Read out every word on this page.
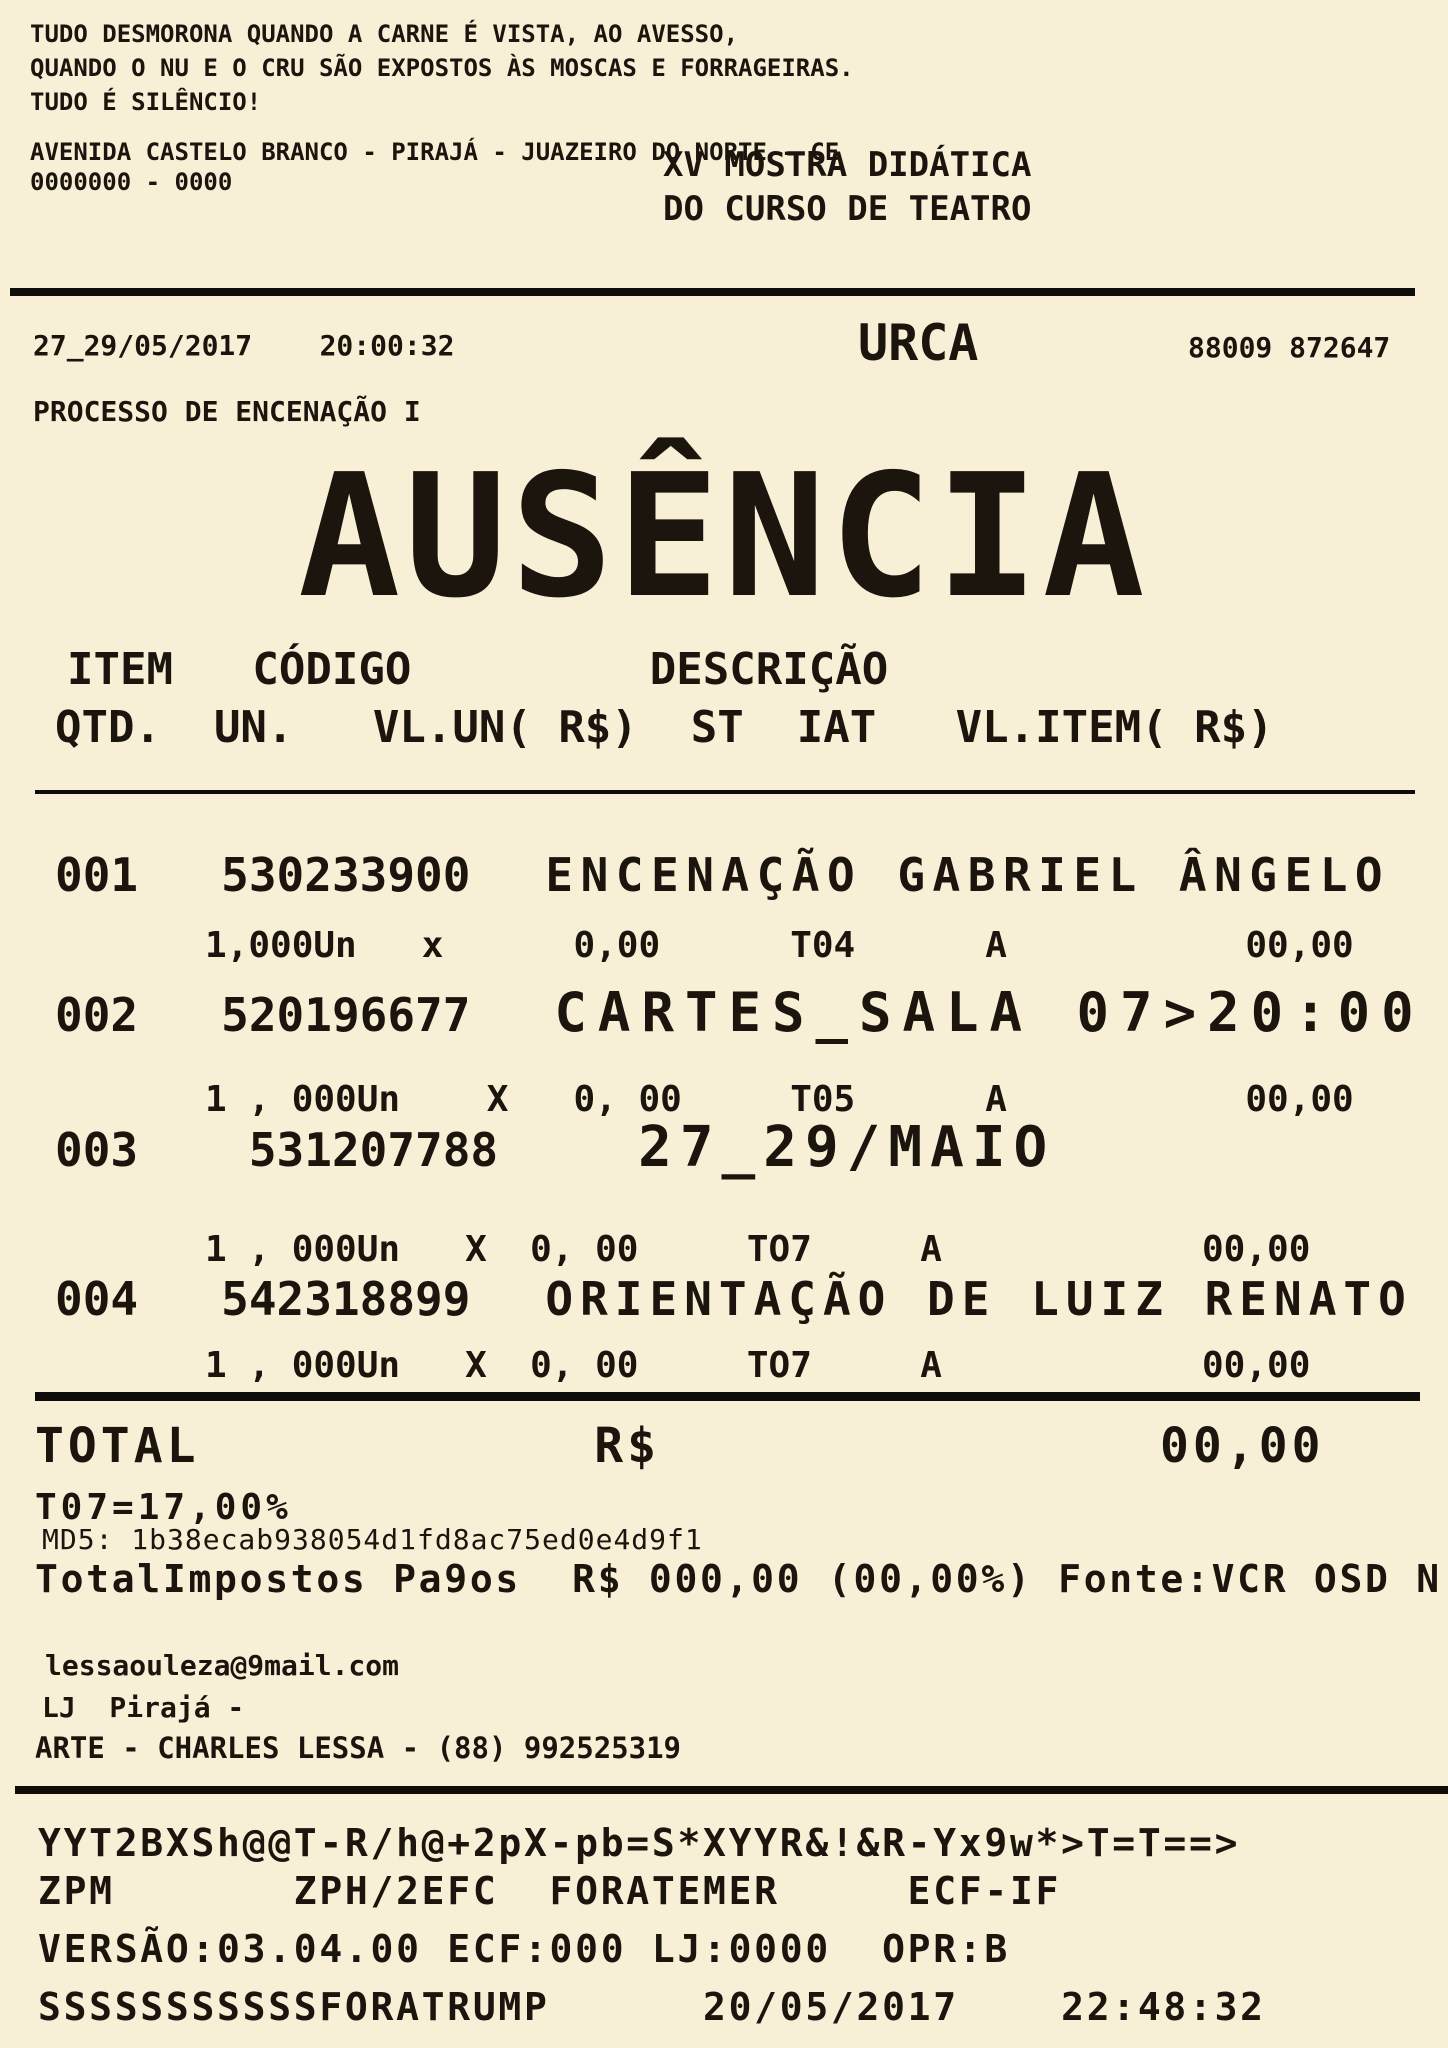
TUDO DESMORONA QUANDO A CARNE É VISTA, AO AVESSO,
QUANDO O NU E O CRU SÃO EXPOSTOS ÀS MOSCAS E FORRAGEIRAS.
TUDO É SILÊNCIO!
AVENIDA CASTELO BRANCO - PIRAJÁ - JUAZEIRO DO NORTE - CE
0000000 - 0000	XV MOSTRA DIDÁTICA
DO CURSO DE TEATRO
27_29/05/2017    20:00:32	URCA	88009 872647
PROCESSO DE ENCENAÇÃO I
AUSÊNCIA
ITEM   CÓDIGO         DESCRIÇÃO
QTD.  UN.   VL.UN( R$)  ST  IAT   VL.ITEM( R$)
001   530233900 ENCENAÇÃO GABRIEL ÂNGELO
1,000Un   x      0,00      T04      A           00,00
002   520196677 CARTES_SALA 07>20:00
1 , 000Un    X   0, 00     T05      A           00,00
003    531207788	27_29/MAIO
1 , 000Un   X  0, 00     TO7     A            00,00
004   542318899 ORIENTAÇÃO DE LUIZ RENATO
1 , 000Un   X  0, 00     TO7     A            00,00
TOTAL            R$	00,00
T07=17,00%
MD5: 1b38ecab938054d1fd8ac75ed0e4d9f1
TotalImpostos Pa9os  R$ 000,00 (00,00%) Fonte:VCR OSD N
lessaouleza@9mail.com
LJ  Pirajá -
ARTE - CHARLES LESSA - (88) 992525319
YYT2BXSh@@T-R/h@+2pX-pb=S*XYYR&!&R-Yx9w*>T=T==>
ZPM       ZPH/2EFC  FORATEMER     ECF-IF
VERSÃO:03.04.00 ECF:000 LJ:0000  OPR:B
SSSSSSSSSSSFORATRUMP      20/05/2017    22:48:32
